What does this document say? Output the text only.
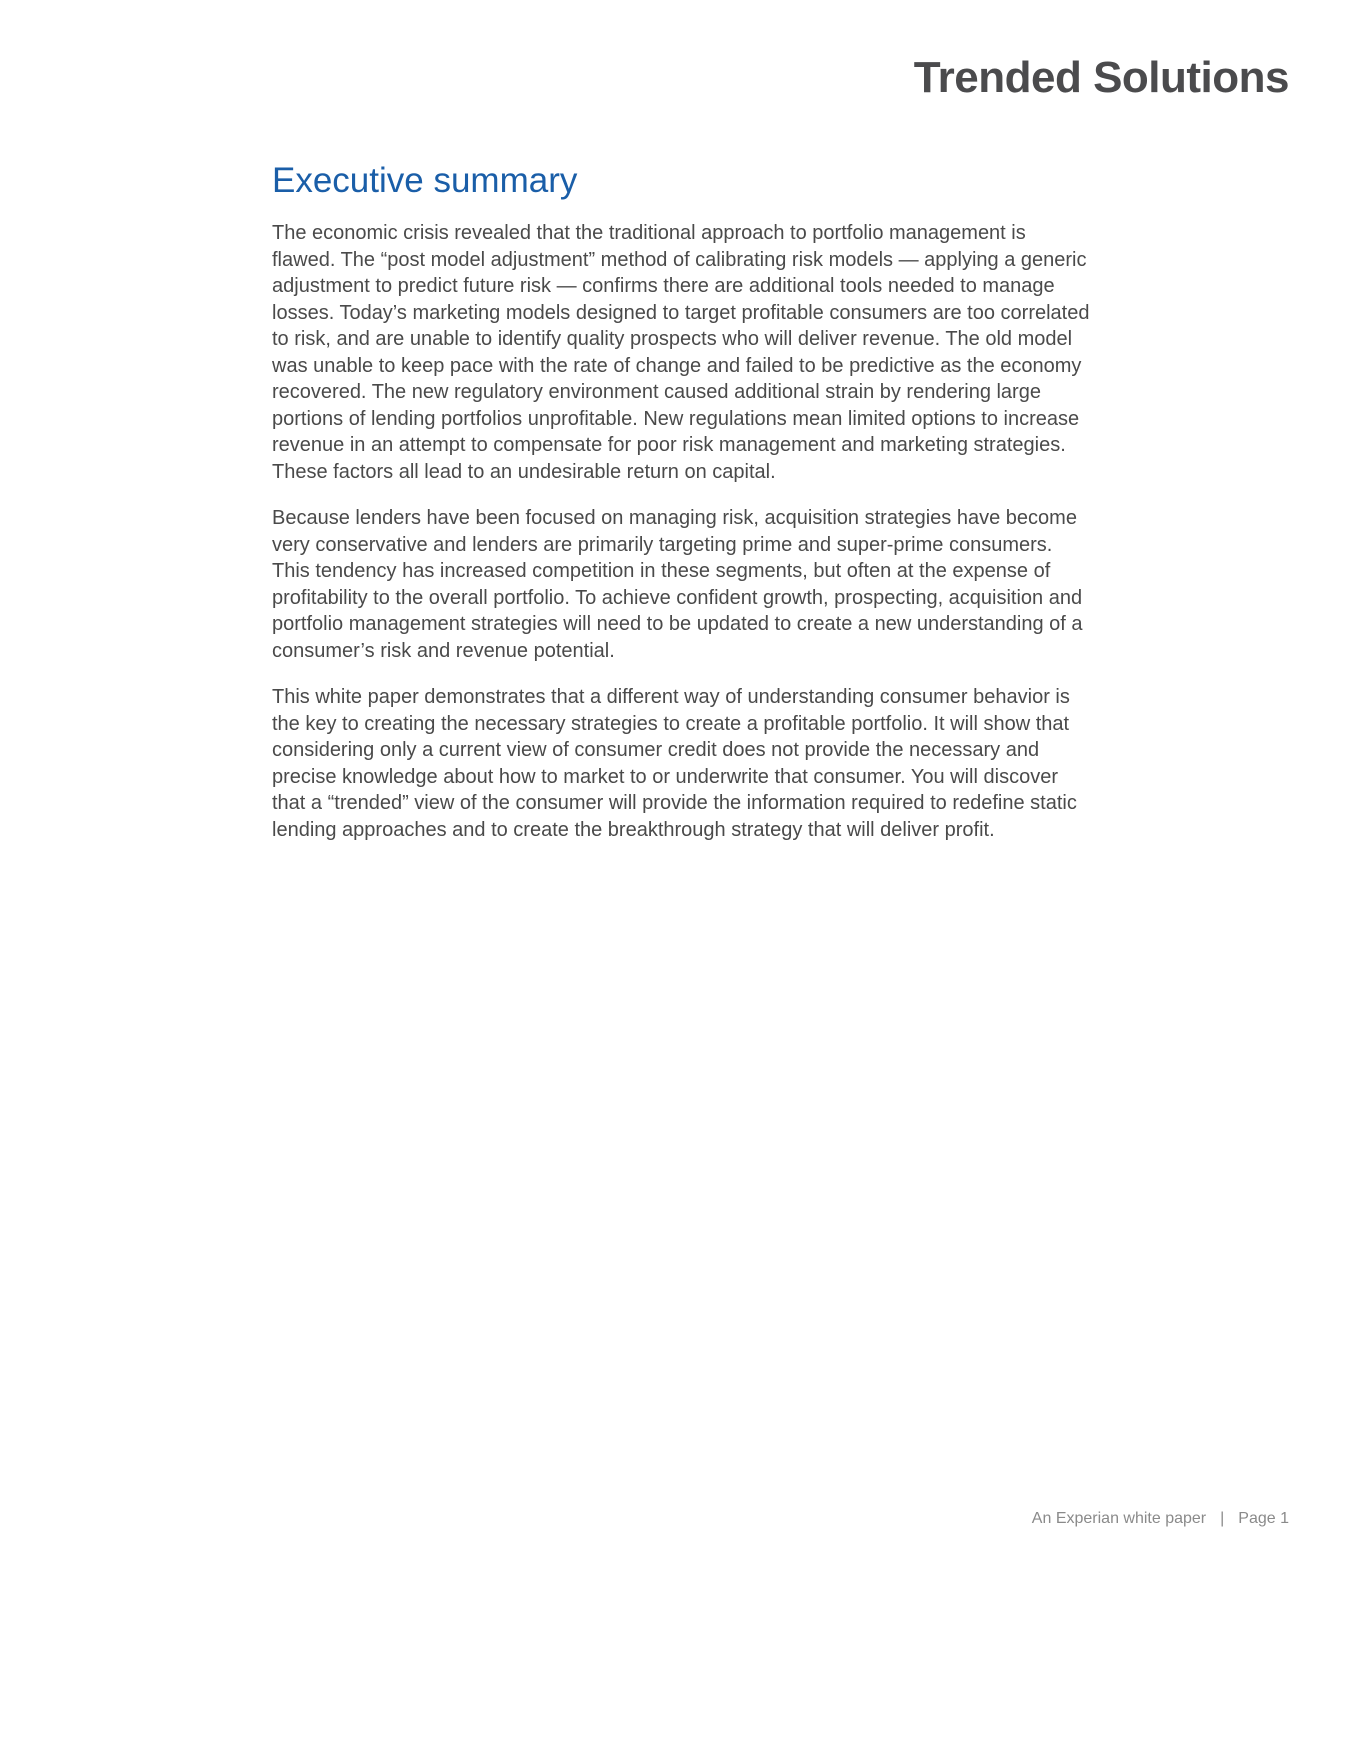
Trended Solutions
Executive summary

The economic crisis revealed that the traditional approach to portfolio management is flawed. The “post model adjustment” method of calibrating risk models — applying a generic adjustment to predict future risk — confirms there are additional tools needed to manage losses. Today’s marketing models designed to target profitable consumers are too correlated to risk, and are unable to identify quality prospects who will deliver revenue. The old model was unable to keep pace with the rate of change and failed to be predictive as the economy recovered. The new regulatory environment caused additional strain by rendering large portions of lending portfolios unprofitable. New regulations mean limited options to increase revenue in an attempt to compensate for poor risk management and marketing strategies. These factors all lead to an undesirable return on capital.

Because lenders have been focused on managing risk, acquisition strategies have become very conservative and lenders are primarily targeting prime and super-prime consumers. This tendency has increased competition in these segments, but often at the expense of profitability to the overall portfolio. To achieve confident growth, prospecting, acquisition and portfolio management strategies will need to be updated to create a new understanding of a consumer’s risk and revenue potential.

This white paper demonstrates that a different way of understanding consumer behavior is the key to creating the necessary strategies to create a profitable portfolio. It will show that considering only a current view of consumer credit does not provide the necessary and precise knowledge about how to market to or underwrite that consumer. You will discover that a “trended” view of the consumer will provide the information required to redefine static lending approaches and to create the breakthrough strategy that will deliver profit.

An Experian white paper | Page 1
